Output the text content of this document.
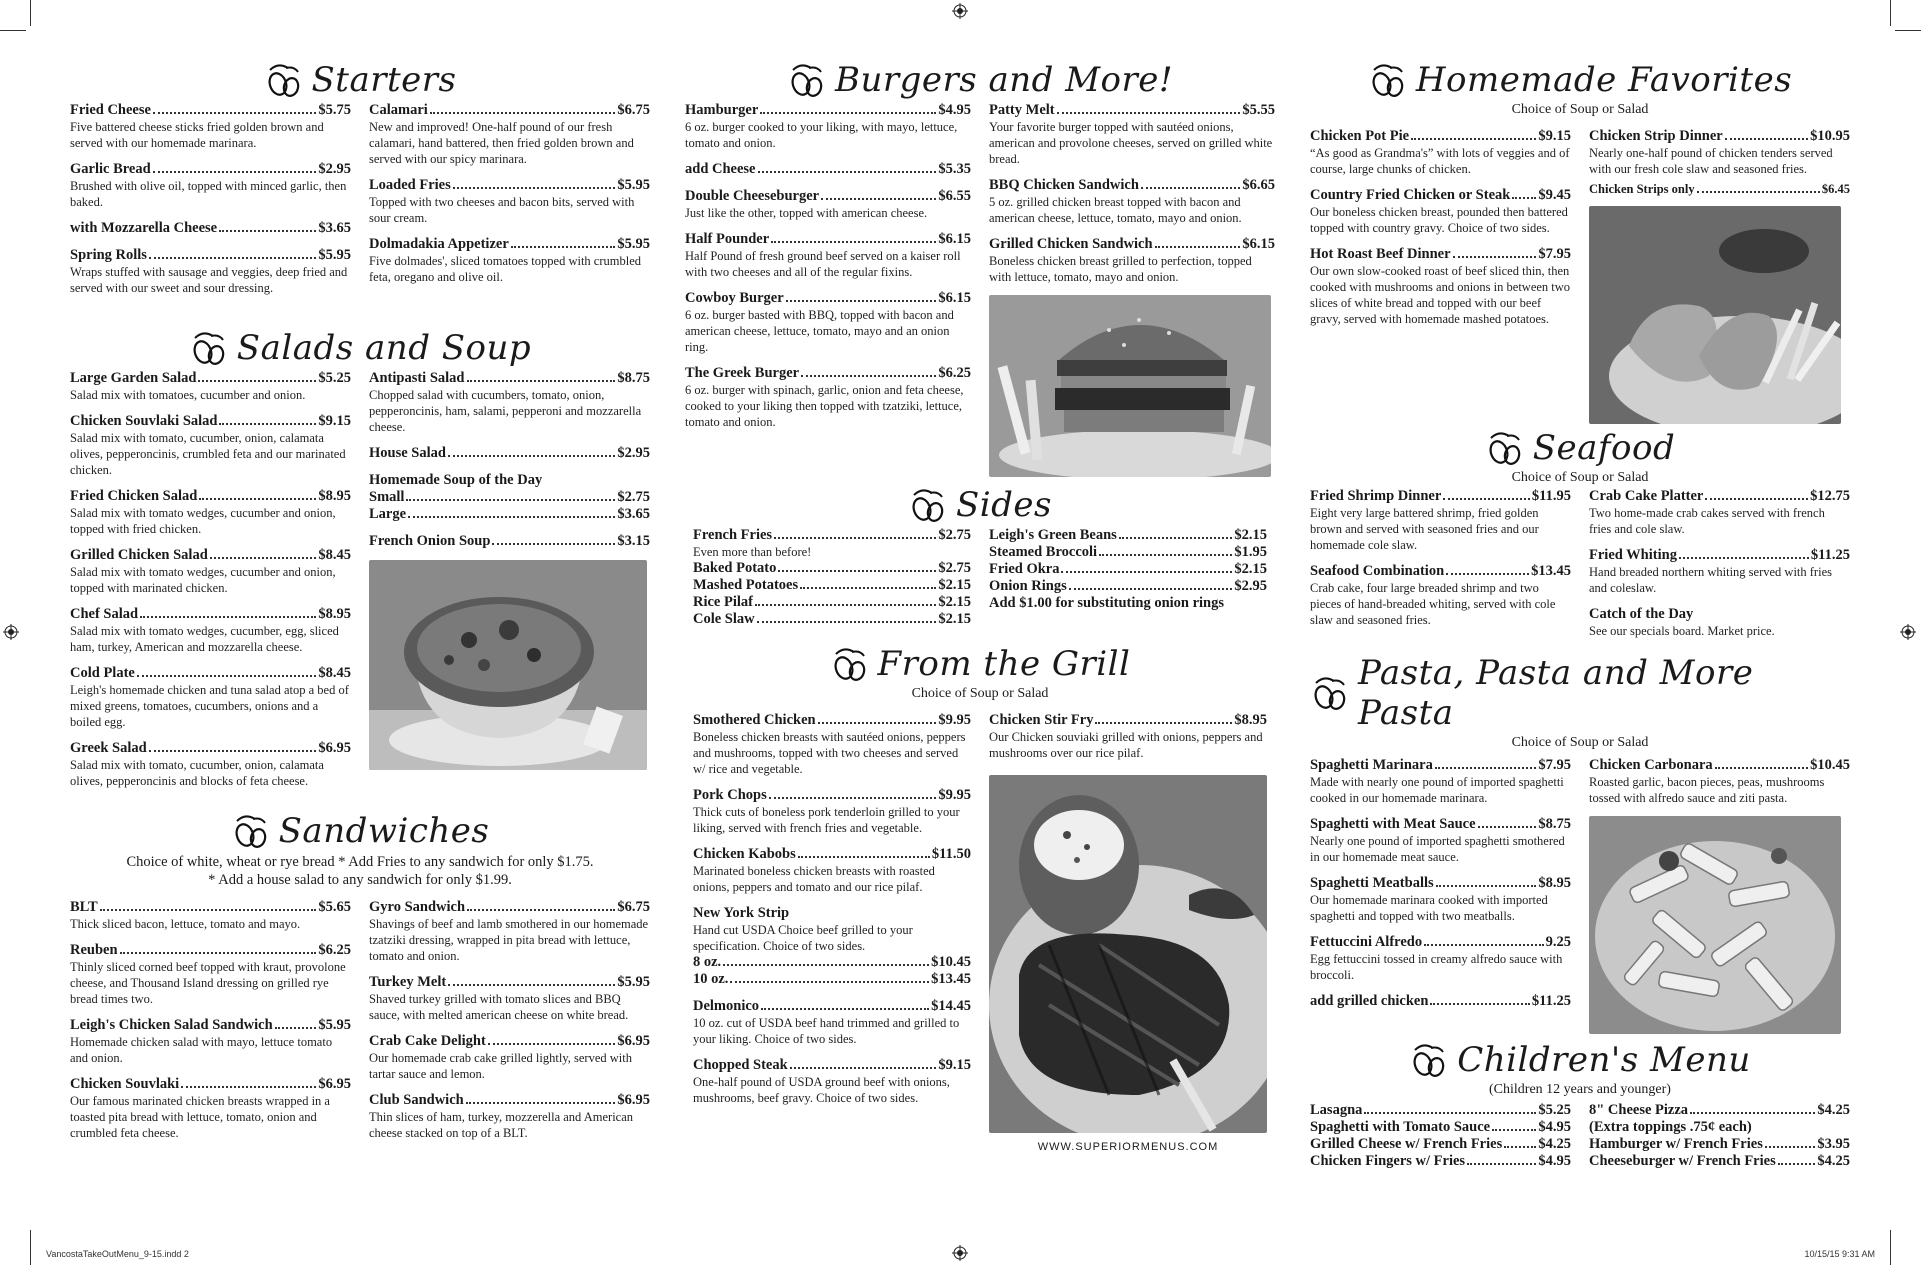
Starters
Fried Cheese	$5.75
Five battered cheese sticks fried golden brown and served with our homemade marinara.
Garlic Bread	$2.95
Brushed with olive oil, topped with minced garlic, then baked.
with Mozzarella Cheese	$3.65
Spring Rolls	$5.95
Wraps stuffed with sausage and veggies, deep fried and served with our sweet and sour dressing.
Calamari	$6.75
New and improved! One-half pound of our fresh calamari, hand battered, then fried golden brown and served with our spicy marinara.
Loaded Fries	$5.95
Topped with two cheeses and bacon bits, served with sour cream.
Dolmadakia Appetizer	$5.95
Five dolmades', sliced tomatoes topped with crumbled feta, oregano and olive oil.
Salads and Soup
Large Garden Salad	$5.25
Salad mix with tomatoes, cucumber and onion.
Chicken Souvlaki Salad	$9.15
Salad mix with tomato, cucumber, onion, calamata olives, pepperoncinis, crumbled feta and our marinated chicken.
Fried Chicken Salad	$8.95
Salad mix with tomato wedges, cucumber and onion, topped with fried chicken.
Grilled Chicken Salad	$8.45
Salad mix with tomato wedges, cucumber and onion, topped with marinated chicken.
Chef Salad	$8.95
Salad mix with tomato wedges, cucumber, egg, sliced ham, turkey, American and mozzarella cheese.
Cold Plate	$8.45
Leigh's homemade chicken and tuna salad atop a bed of mixed greens, tomatoes, cucumbers, onions and a boiled egg.
Greek Salad	$6.95
Salad mix with tomato, cucumber, onion, calamata olives, pepperoncinis and blocks of feta cheese.
Antipasti Salad	$8.75
Chopped salad with cucumbers, tomato, onion, pepperoncinis, ham, salami, pepperoni and mozzarella cheese.
House Salad	$2.95
Homemade Soup of the Day
Small	$2.75
Large	$3.65
French Onion Soup	$3.15
Sandwiches
Choice of white, wheat or rye bread * Add Fries to any sandwich for only $1.75.
* Add a house salad to any sandwich for only $1.99.
BLT	$5.65
Thick sliced bacon, lettuce, tomato and mayo.
Reuben	$6.25
Thinly sliced corned beef topped with kraut, provolone cheese, and Thousand Island dressing on grilled rye bread times two.
Leigh's Chicken Salad Sandwich	$5.95
Homemade chicken salad with mayo, lettuce tomato and onion.
Chicken Souvlaki	$6.95
Our famous marinated chicken breasts wrapped in a toasted pita bread with lettuce, tomato, onion and crumbled feta cheese.
Gyro Sandwich	$6.75
Shavings of beef and lamb smothered in our homemade tzatziki dressing, wrapped in pita bread with lettuce, tomato and onion.
Turkey Melt	$5.95
Shaved turkey grilled with tomato slices and BBQ sauce, with melted american cheese on white bread.
Crab Cake Delight	$6.95
Our homemade crab cake grilled lightly, served with tartar sauce and lemon.
Club Sandwich	$6.95
Thin slices of ham, turkey, mozzerella and American cheese stacked on top of a BLT.
Burgers and More!
Hamburger	$4.95
6 oz. burger cooked to your liking, with mayo, lettuce, tomato and onion.
add Cheese	$5.35
Double Cheeseburger	$6.55
Just like the other, topped with american cheese.
Half Pounder	$6.15
Half Pound of fresh ground beef served on a kaiser roll with two cheeses and all of the regular fixins.
Cowboy Burger	$6.15
6 oz. burger basted with BBQ, topped with bacon and american cheese, lettuce, tomato, mayo and an onion ring.
The Greek Burger	$6.25
6 oz. burger with spinach, garlic, onion and feta cheese, cooked to your liking then topped with tzatziki, lettuce, tomato and onion.
Patty Melt	$5.55
Your favorite burger topped with sautéed onions, american and provolone cheeses, served on grilled white bread.
BBQ Chicken Sandwich	$6.65
5 oz. grilled chicken breast topped with bacon and american cheese, lettuce, tomato, mayo and onion.
Grilled Chicken Sandwich	$6.15
Boneless chicken breast grilled to perfection, topped with lettuce, tomato, mayo and onion.
Sides
French Fries	$2.75
Even more than before!
Baked Potato	$2.75
Mashed Potatoes	$2.15
Rice Pilaf	$2.15
Cole Slaw	$2.15
Leigh's Green Beans	$2.15
Steamed Broccoli	$1.95
Fried Okra	$2.15
Onion Rings	$2.95
Add $1.00 for substituting onion rings
From the Grill
Choice of Soup or Salad
Smothered Chicken	$9.95
Boneless chicken breasts with sautéed onions, peppers and mushrooms, topped with two cheeses and served w/ rice and vegetable.
Pork Chops	$9.95
Thick cuts of boneless pork tenderloin grilled to your liking, served with french fries and vegetable.
Chicken Kabobs	$11.50
Marinated boneless chicken breasts with roasted onions, peppers and tomato and our rice pilaf.
New York Strip
Hand cut USDA Choice beef grilled to your specification. Choice of two sides.
8 oz.	$10.45
10 oz.	$13.45
Delmonico	$14.45
10 oz. cut of USDA beef hand trimmed and grilled to your liking. Choice of two sides.
Chopped Steak	$9.15
One-half pound of USDA ground beef with onions, mushrooms, beef gravy. Choice of two sides.
Chicken Stir Fry	$8.95
Our Chicken souviaki grilled with onions, peppers and mushrooms over our rice pilaf.
WWW.SUPERIORMENUS.COM
Homemade Favorites
Choice of Soup or Salad
Chicken Pot Pie	$9.15
“As good as Grandma's” with lots of veggies and of course, large chunks of chicken.
Country Fried Chicken or Steak $9.45
Our boneless chicken breast, pounded then battered topped with country gravy. Choice of two sides.
Hot Roast Beef Dinner	$7.95
Our own slow-cooked roast of beef sliced thin, then cooked with mushrooms and onions in between two slices of white bread and topped with our beef gravy, served with homemade mashed potatoes.
Chicken Strip Dinner	$10.95
Nearly one-half pound of chicken tenders served with our fresh cole slaw and seasoned fries.
Chicken Strips only	$6.45
Seafood
Choice of Soup or Salad
Fried Shrimp Dinner	$11.95
Eight very large battered shrimp, fried golden brown and served with seasoned fries and our homemade cole slaw.
Seafood Combination	$13.45
Crab cake, four large breaded shrimp and two pieces of hand-breaded whiting, served with cole slaw and seasoned fries.
Crab Cake Platter	$12.75
Two home-made crab cakes served with french fries and cole slaw.
Fried Whiting	$11.25
Hand breaded northern whiting served with fries and coleslaw.
Catch of the Day
See our specials board. Market price.
Pasta, Pasta and More Pasta
Choice of Soup or Salad
Spaghetti Marinara	$7.95
Made with nearly one pound of imported spaghetti cooked in our homemade marinara.
Spaghetti with Meat Sauce	$8.75
Nearly one pound of imported spaghetti smothered in our homemade meat sauce.
Spaghetti Meatballs	$8.95
Our homemade marinara cooked with imported spaghetti and topped with two meatballs.
Fettuccini Alfredo	9.25
Egg fettuccini tossed in creamy alfredo sauce with broccoli.
add grilled chicken	$11.25
Chicken Carbonara	$10.45
Roasted garlic, bacon pieces, peas, mushrooms tossed with alfredo sauce and ziti pasta.
Children's Menu
(Children 12 years and younger)
Lasagna	$5.25
Spaghetti with Tomato Sauce	$4.95
Grilled Cheese w/ French Fries $4.25
Chicken Fingers w/ Fries	$4.95
8" Cheese Pizza	$4.25
(Extra toppings .75¢ each)
Hamburger w/ French Fries	$3.95
Cheeseburger w/ French Fries	$4.25
VancostaTakeOutMenu_9-15.indd 2	10/15/15 9:31 AM
